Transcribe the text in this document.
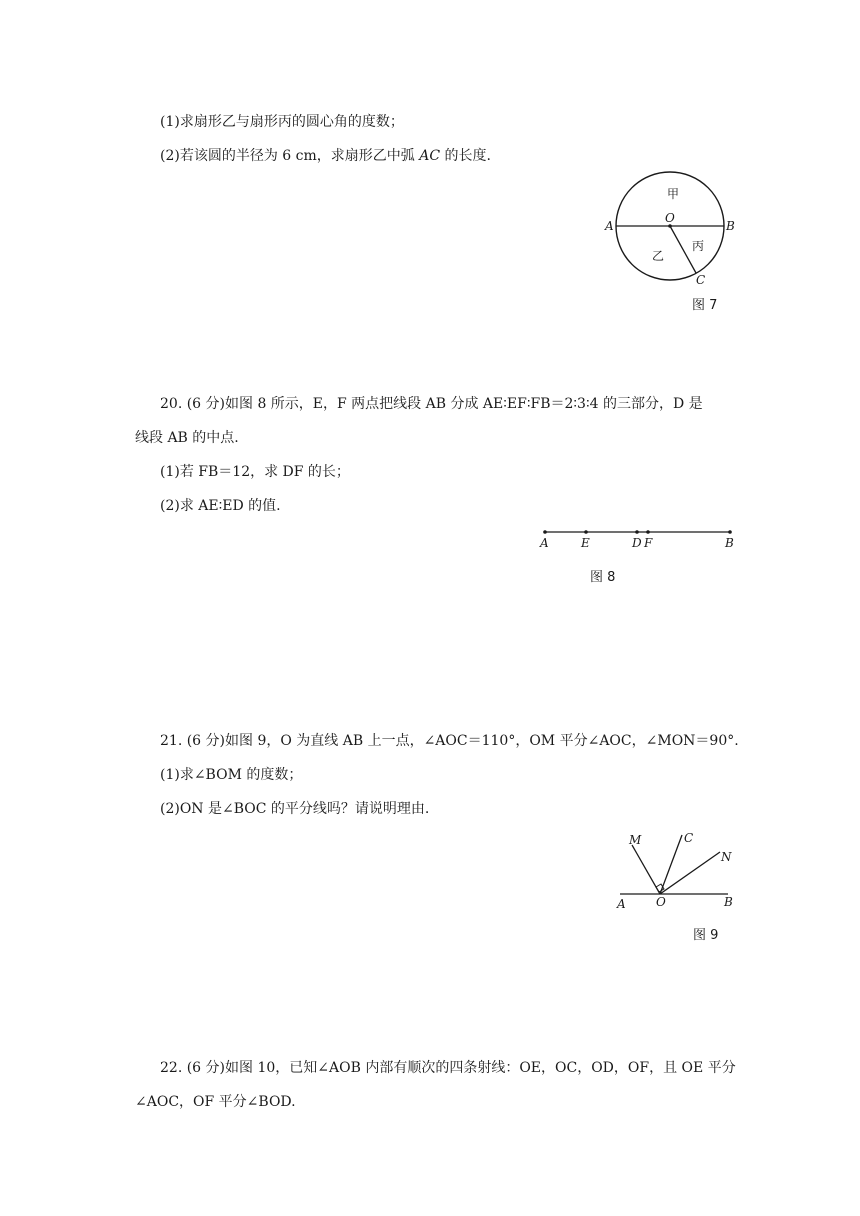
(1)求扇形乙与扇形丙的圆心角的度数；
(2)若该圆的半径为 6 cm，求扇形乙中弧 AC 的长度.
A	B
O
C
甲
乙
丙
图 7
20. (6 分)如图 8 所示，E，F 两点把线段 AB 分成 AE∶EF∶FB＝2∶3∶4 的三部分，D 是
线段 AB 的中点.
(1)若 FB＝12，求 DF 的长；
(2)求 AE∶ED 的值.
A	E	D F	B
图 8
21. (6 分)如图 9，O 为直线 AB 上一点，∠AOC＝110°，OM 平分∠AOC，∠MON＝90°.
(1)求∠BOM 的度数；
(2)ON 是∠BOC 的平分线吗？请说明理由.
M	C
N
A	O	B
图 9
22. (6 分)如图 10，已知∠AOB 内部有顺次的四条射线：OE，OC，OD，OF，且 OE 平分
∠AOC，OF 平分∠BOD.
